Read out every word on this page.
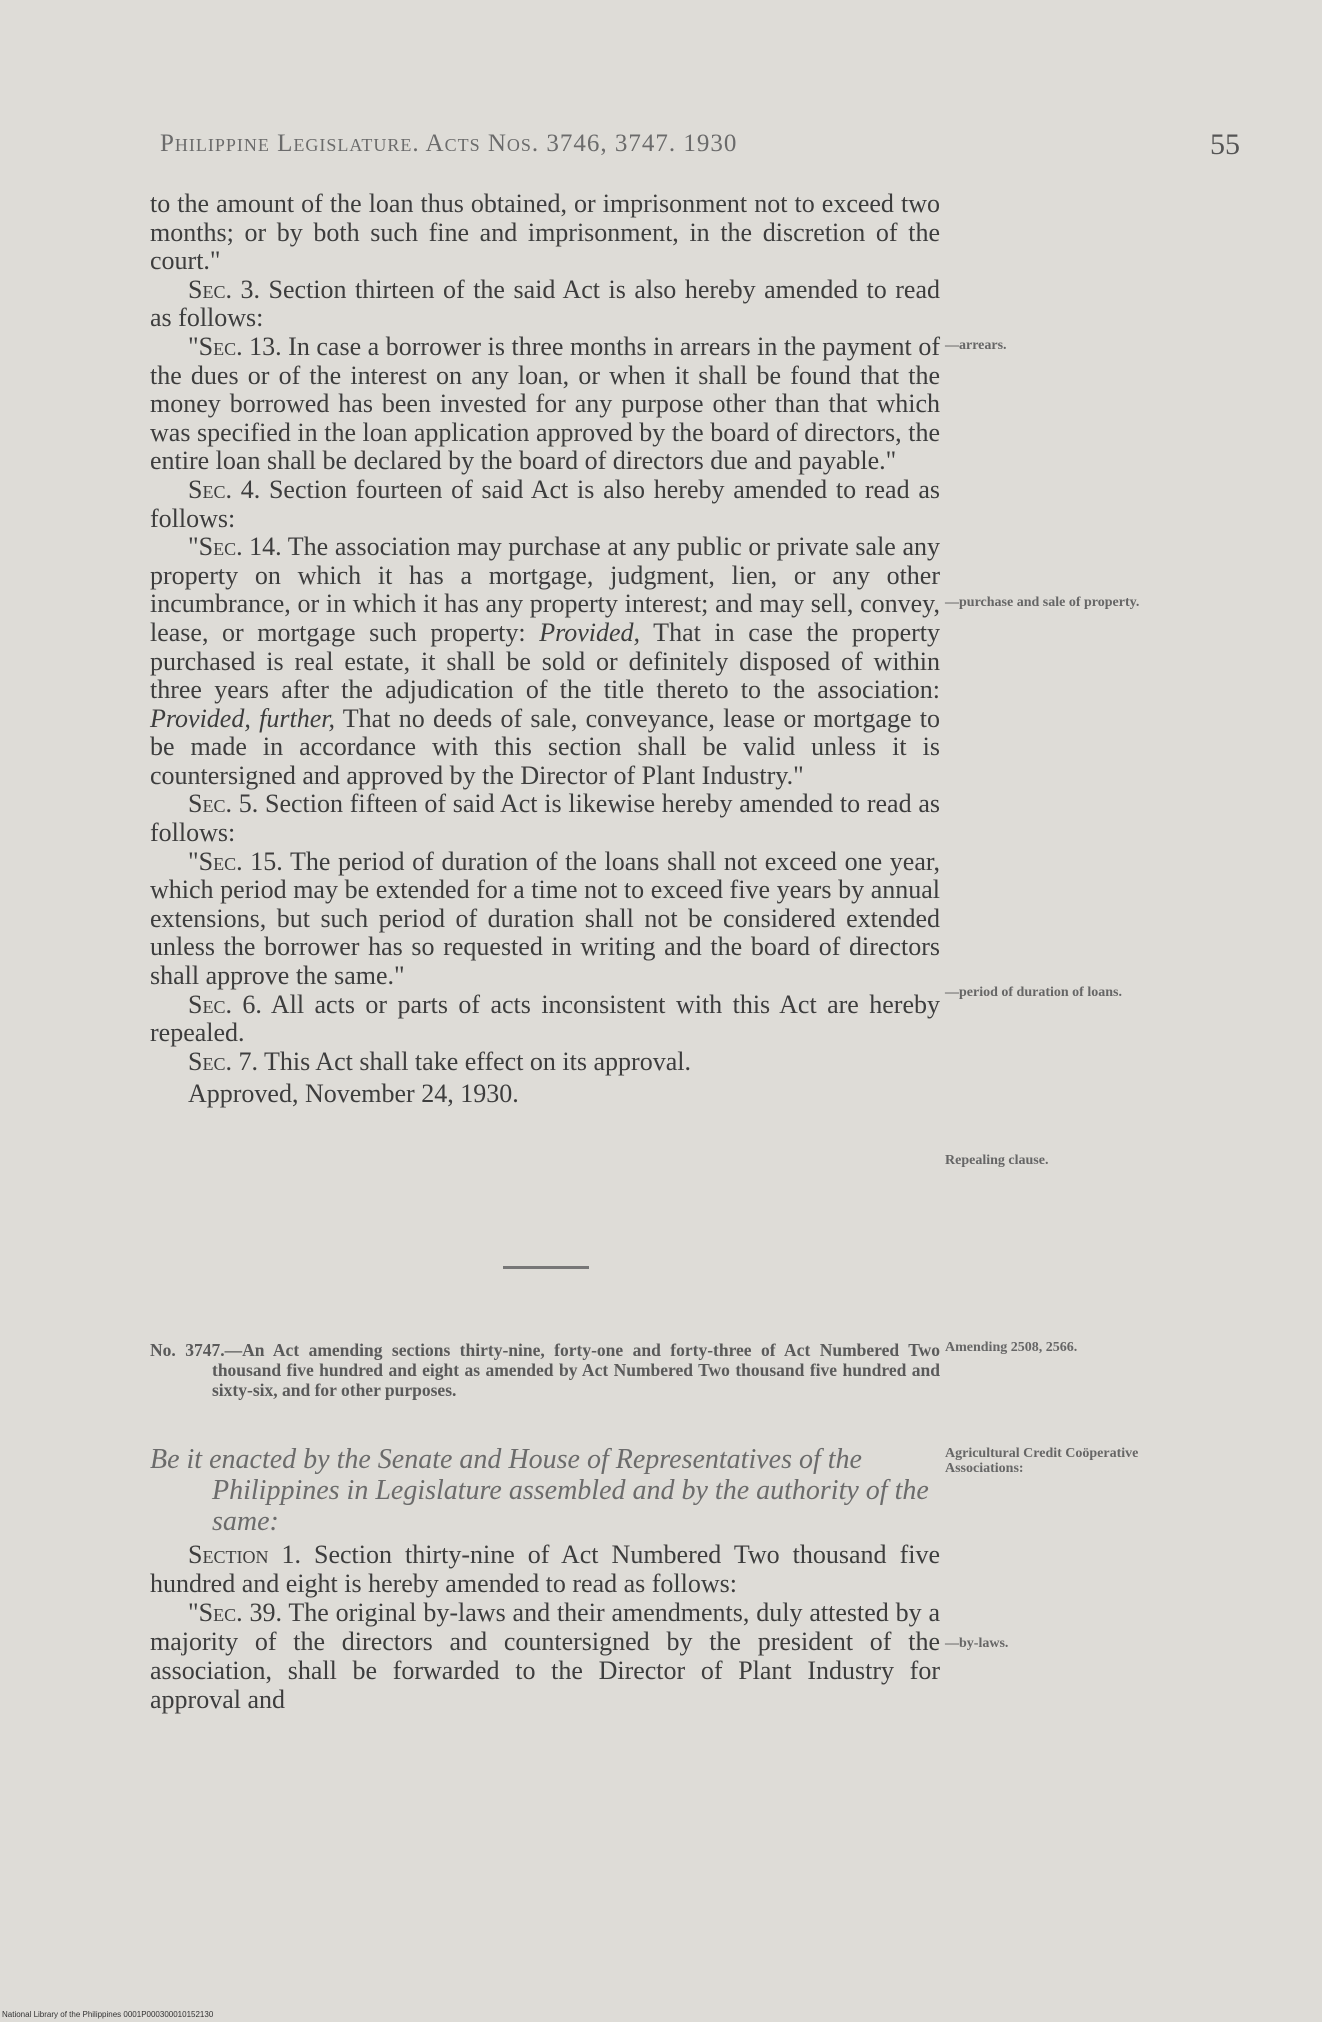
Philippine Legislature. Acts Nos. 3746, 3747. 1930	55

to the amount of the loan thus obtained, or imprisonment not to exceed two months; or by both such fine and imprisonment, in the discretion of the court."

Sec. 3. Section thirteen of the said Act is also hereby amended to read as follows:

"Sec. 13. In case a borrower is three months in arrears in the payment of the dues or of the interest on any loan, or when it shall be found that the money borrowed has been invested for any purpose other than that which was specified in the loan application approved by the board of directors, the entire loan shall be declared by the board of directors due and payable."

Sec. 4. Section fourteen of said Act is also hereby amended to read as follows:

"Sec. 14. The association may purchase at any public or private sale any property on which it has a mortgage, judgment, lien, or any other incumbrance, or in which it has any property interest; and may sell, convey, lease, or mortgage such property: Provided, That in case the property purchased is real estate, it shall be sold or definitely disposed of within three years after the adjudication of the title thereto to the association: Provided, further, That no deeds of sale, conveyance, lease or mortgage to be made in accordance with this section shall be valid unless it is countersigned and approved by the Director of Plant Industry."

Sec. 5. Section fifteen of said Act is likewise hereby amended to read as follows:

"Sec. 15. The period of duration of the loans shall not exceed one year, which period may be extended for a time not to exceed five years by annual extensions, but such period of duration shall not be considered extended unless the borrower has so requested in writing and the board of directors shall approve the same."

Sec. 6. All acts or parts of acts inconsistent with this Act are hereby repealed.

Sec. 7. This Act shall take effect on its approval.

Approved, November 24, 1930.

—arrears.
—purchase and sale of property.
—period of duration of loans.
Repealing clause.
No. 3747.—An Act amending sections thirty-nine, forty-one and forty-three of Act Numbered Two thousand five hundred and eight as amended by Act Numbered Two thousand five hundred and sixty-six, and for other purposes.
Amending 2508, 2566.
Be it enacted by the Senate and House of Representatives of the Philippines in Legislature assembled and by the authority of the same:
Agricultural Credit Coöperative Associations:

Section 1. Section thirty-nine of Act Numbered Two thousand five hundred and eight is hereby amended to read as follows:

"Sec. 39. The original by-laws and their amendments, duly attested by a majority of the directors and countersigned by the president of the association, shall be forwarded to the Director of Plant Industry for approval and

—by-laws.
National Library of the Philippines 0001P000300010152130
